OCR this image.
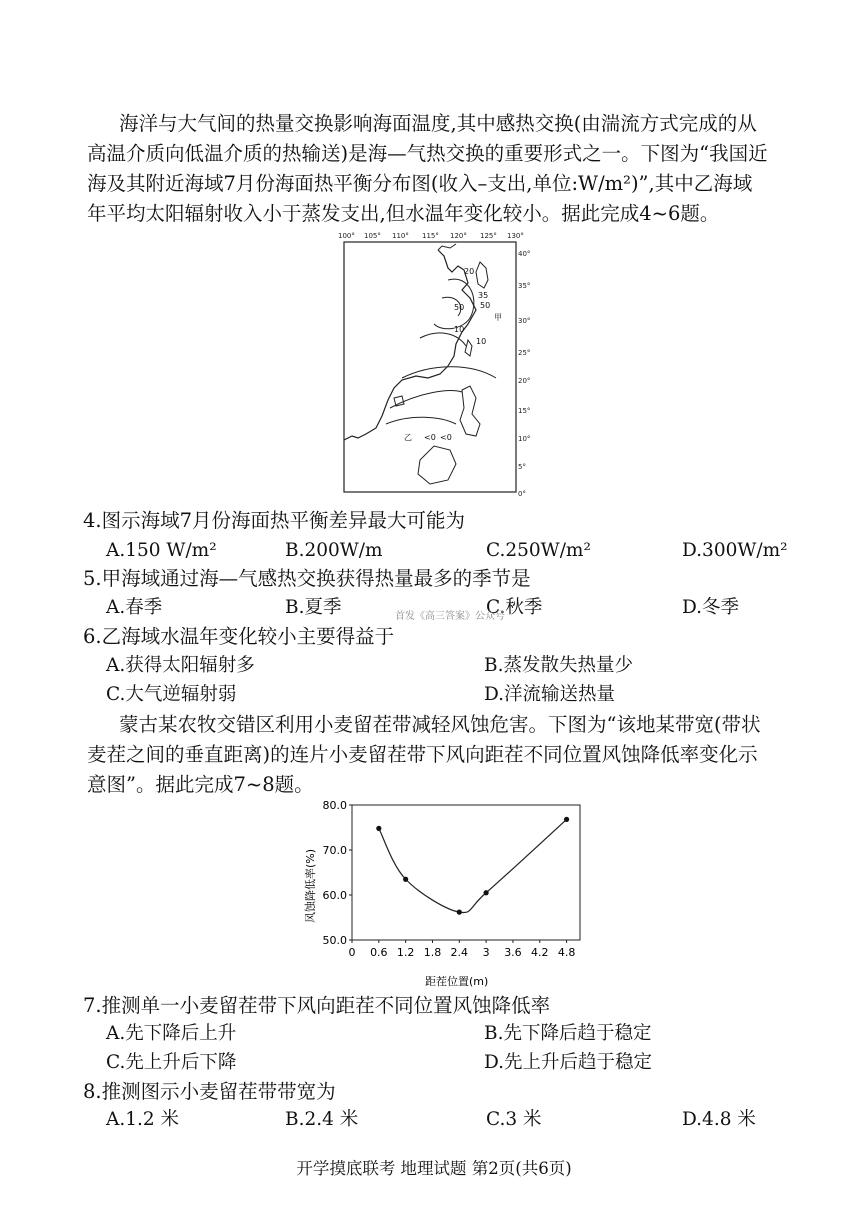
海洋与大气间的热量交换影响海面温度,其中感热交换(由湍流方式完成的从
高温介质向低温介质的热输送)是海—气热交换的重要形式之一。下图为“我国近
海及其附近海域7月份海面热平衡分布图(收入–支出,单位:W/m²)”,其中乙海域
年平均太阳辐射收入小于蒸发支出,但水温年变化较小。据此完成4~6题。
100° 105° 110° 115° 120° 125° 130°
40°
35°
30°
25°
20°
15°
10°
5°
0°
20
35
50
50
甲
10
10
乙 <0 <0
4.图示海域7月份海面热平衡差异最大可能为
A.150 W/m²	B.200W/m	C.250W/m²	D.300W/m²
5.甲海域通过海—气感热交换获得热量最多的季节是
A.春季	B.夏季	C.秋季	D.冬季
首发《高三答案》公众号
6.乙海域水温年变化较小主要得益于
A.获得太阳辐射多	B.蒸发散失热量少
C.大气逆辐射弱	D.洋流输送热量
蒙古某农牧交错区利用小麦留茬带减轻风蚀危害。下图为“该地某带宽(带状
麦茬之间的垂直距离)的连片小麦留茬带下风向距茬不同位置风蚀降低率变化示
意图”。据此完成7~8题。
风蚀降低率(%)
距茬位置(m)
50.0
60.0
70.0
80.0
0 0.6 1.2 1.8 2.4 3 3.6 4.2 4.8
7.推测单一小麦留茬带下风向距茬不同位置风蚀降低率
A.先下降后上升	B.先下降后趋于稳定
C.先上升后下降	D.先上升后趋于稳定
8.推测图示小麦留茬带带宽为
A.1.2 米	B.2.4 米	C.3 米	D.4.8 米
开学摸底联考 地理试题 第2页(共6页)
